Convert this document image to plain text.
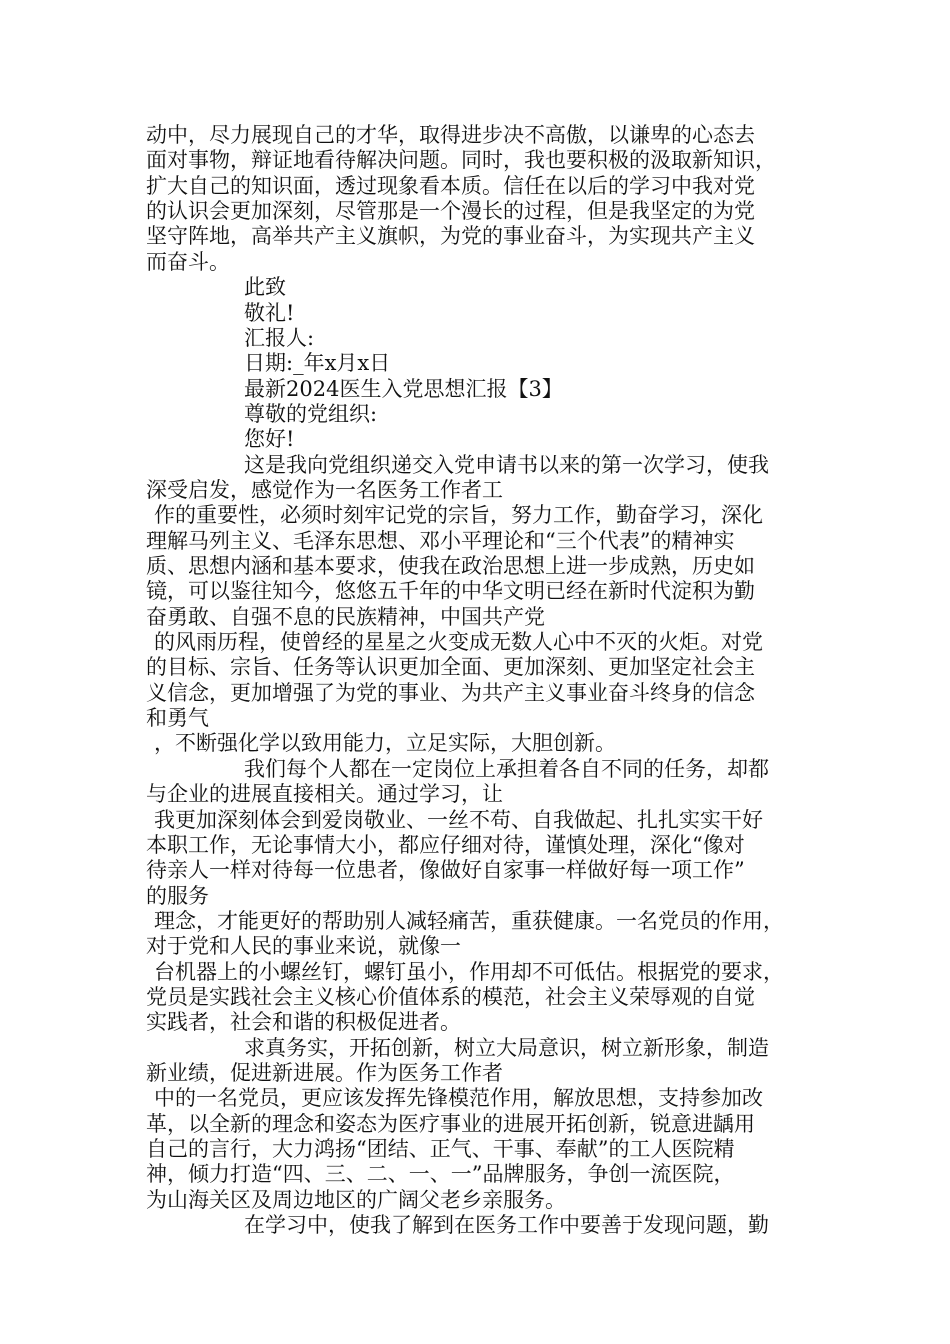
动中，尽力展现自己的才华，取得进步决不高傲，以谦卑的心态去
面对事物，辩证地看待解决问题。同时，我也要积极的汲取新知识，
扩大自己的知识面，透过现象看本质。信任在以后的学习中我对党
的认识会更加深刻，尽管那是一个漫长的过程，但是我坚定的为党
坚守阵地，高举共产主义旗帜，为党的事业奋斗，为实现共产主义
而奋斗。
此致
敬礼!
汇报人:
日期:_年x月x日
最新2024医生入党思想汇报【3】
尊敬的党组织:
您好!
这是我向党组织递交入党申请书以来的第一次学习，使我
深受启发，感觉作为一名医务工作者工
作的重要性，必须时刻牢记党的宗旨，努力工作，勤奋学习，深化
理解马列主义、毛泽东思想、邓小平理论和“三个代表”的精神实
质、思想内涵和基本要求，使我在政治思想上进一步成熟，历史如
镜，可以鉴往知今，悠悠五千年的中华文明已经在新时代淀积为勤
奋勇敢、自强不息的民族精神，中国共产党
的风雨历程，使曾经的星星之火变成无数人心中不灭的火炬。对党
的目标、宗旨、任务等认识更加全面、更加深刻、更加坚定社会主
义信念，更加增强了为党的事业、为共产主义事业奋斗终身的信念
和勇气
，不断强化学以致用能力，立足实际，大胆创新。
我们每个人都在一定岗位上承担着各自不同的任务，却都
与企业的进展直接相关。通过学习，让
我更加深刻体会到爱岗敬业、一丝不苟、自我做起、扎扎实实干好
本职工作，无论事情大小，都应仔细对待，谨慎处理，深化“像对
待亲人一样对待每一位患者，像做好自家事一样做好每一项工作”
的服务
理念，才能更好的帮助别人减轻痛苦，重获健康。一名党员的作用，
对于党和人民的事业来说，就像一
台机器上的小螺丝钉，螺钉虽小，作用却不可低估。根据党的要求，
党员是实践社会主义核心价值体系的模范，社会主义荣辱观的自觉
实践者，社会和谐的积极促进者。
求真务实，开拓创新，树立大局意识，树立新形象，制造
新业绩，促进新进展。作为医务工作者
中的一名党员，更应该发挥先锋模范作用，解放思想，支持参加改
革，以全新的理念和姿态为医疗事业的进展开拓创新，锐意进龋用
自己的言行，大力鸿扬“团结、正气、干事、奉献”的工人医院精
神，倾力打造“四、三、二、一、一”品牌服务，争创一流医院，
为山海关区及周边地区的广阔父老乡亲服务。
在学习中，使我了解到在医务工作中要善于发现问题，勤
